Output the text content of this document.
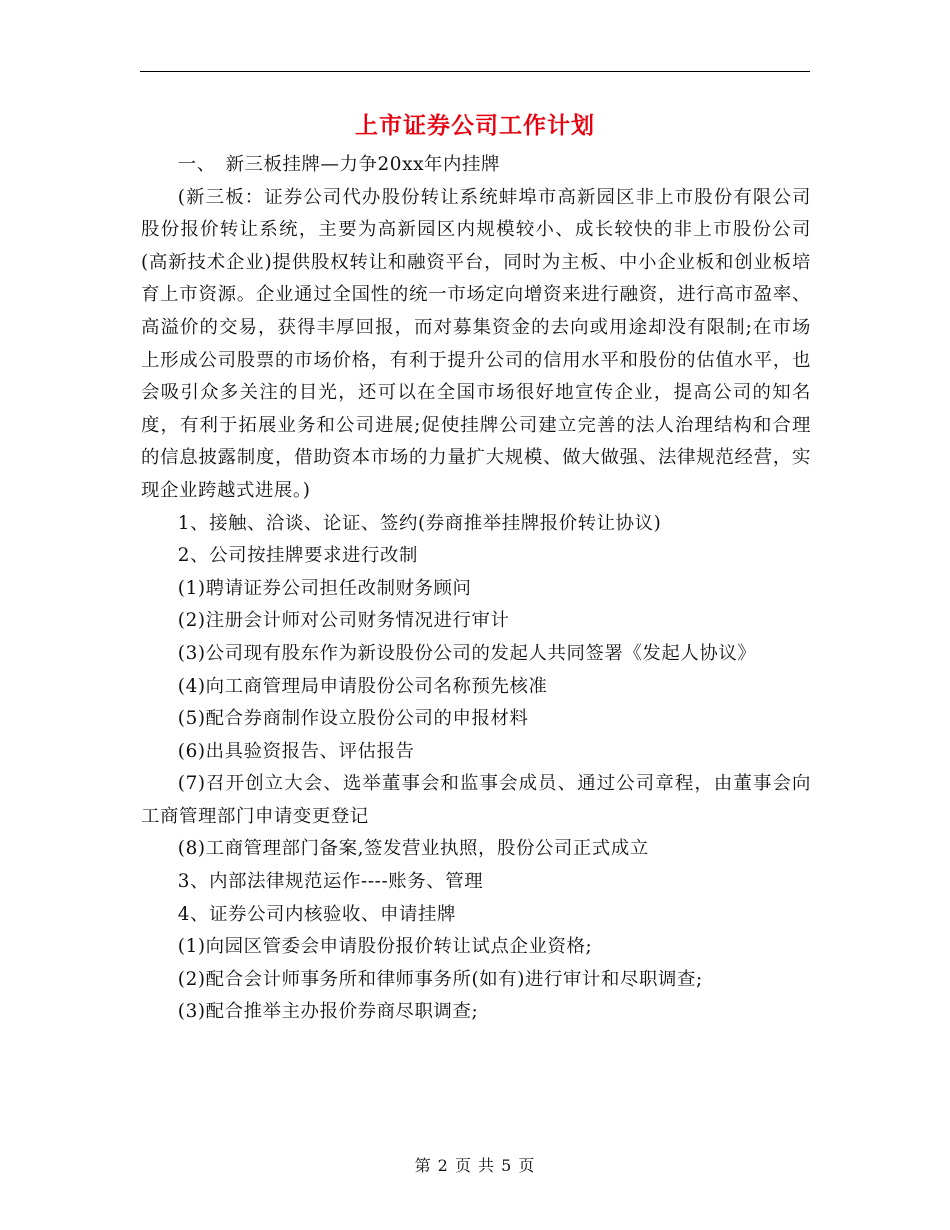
上市证券公司工作计划

一、　新三板挂牌—力争20xx年内挂牌

(新三板：证券公司代办股份转让系统蚌埠市高新园区非上市股份有限公司股份报价转让系统，主要为高新园区内规模较小、成长较快的非上市股份公司(高新技术企业)提供股权转让和融资平台，同时为主板、中小企业板和创业板培育上市资源。企业通过全国性的统一市场定向增资来进行融资，进行高市盈率、高溢价的交易，获得丰厚回报，而对募集资金的去向或用途却没有限制;在市场上形成公司股票的市场价格，有利于提升公司的信用水平和股份的估值水平，也会吸引众多关注的目光，还可以在全国市场很好地宣传企业，提高公司的知名度，有利于拓展业务和公司进展;促使挂牌公司建立完善的法人治理结构和合理的信息披露制度，借助资本市场的力量扩大规模、做大做强、法律规范经营，实现企业跨越式进展。)

1、接触、洽谈、论证、签约(券商推举挂牌报价转让协议)

2、公司按挂牌要求进行改制

(1)聘请证券公司担任改制财务顾问

(2)注册会计师对公司财务情况进行审计

(3)公司现有股东作为新设股份公司的发起人共同签署《发起人协议》

(4)向工商管理局申请股份公司名称预先核准

(5)配合券商制作设立股份公司的申报材料

(6)出具验资报告、评估报告

(7)召开创立大会、选举董事会和监事会成员、通过公司章程，由董事会向工商管理部门申请变更登记

(8)工商管理部门备案,签发营业执照，股份公司正式成立

3、内部法律规范运作----账务、管理

4、证券公司内核验收、申请挂牌

(1)向园区管委会申请股份报价转让试点企业资格;

(2)配合会计师事务所和律师事务所(如有)进行审计和尽职调查;

(3)配合推举主办报价券商尽职调查;

第 2 页 共 5 页
